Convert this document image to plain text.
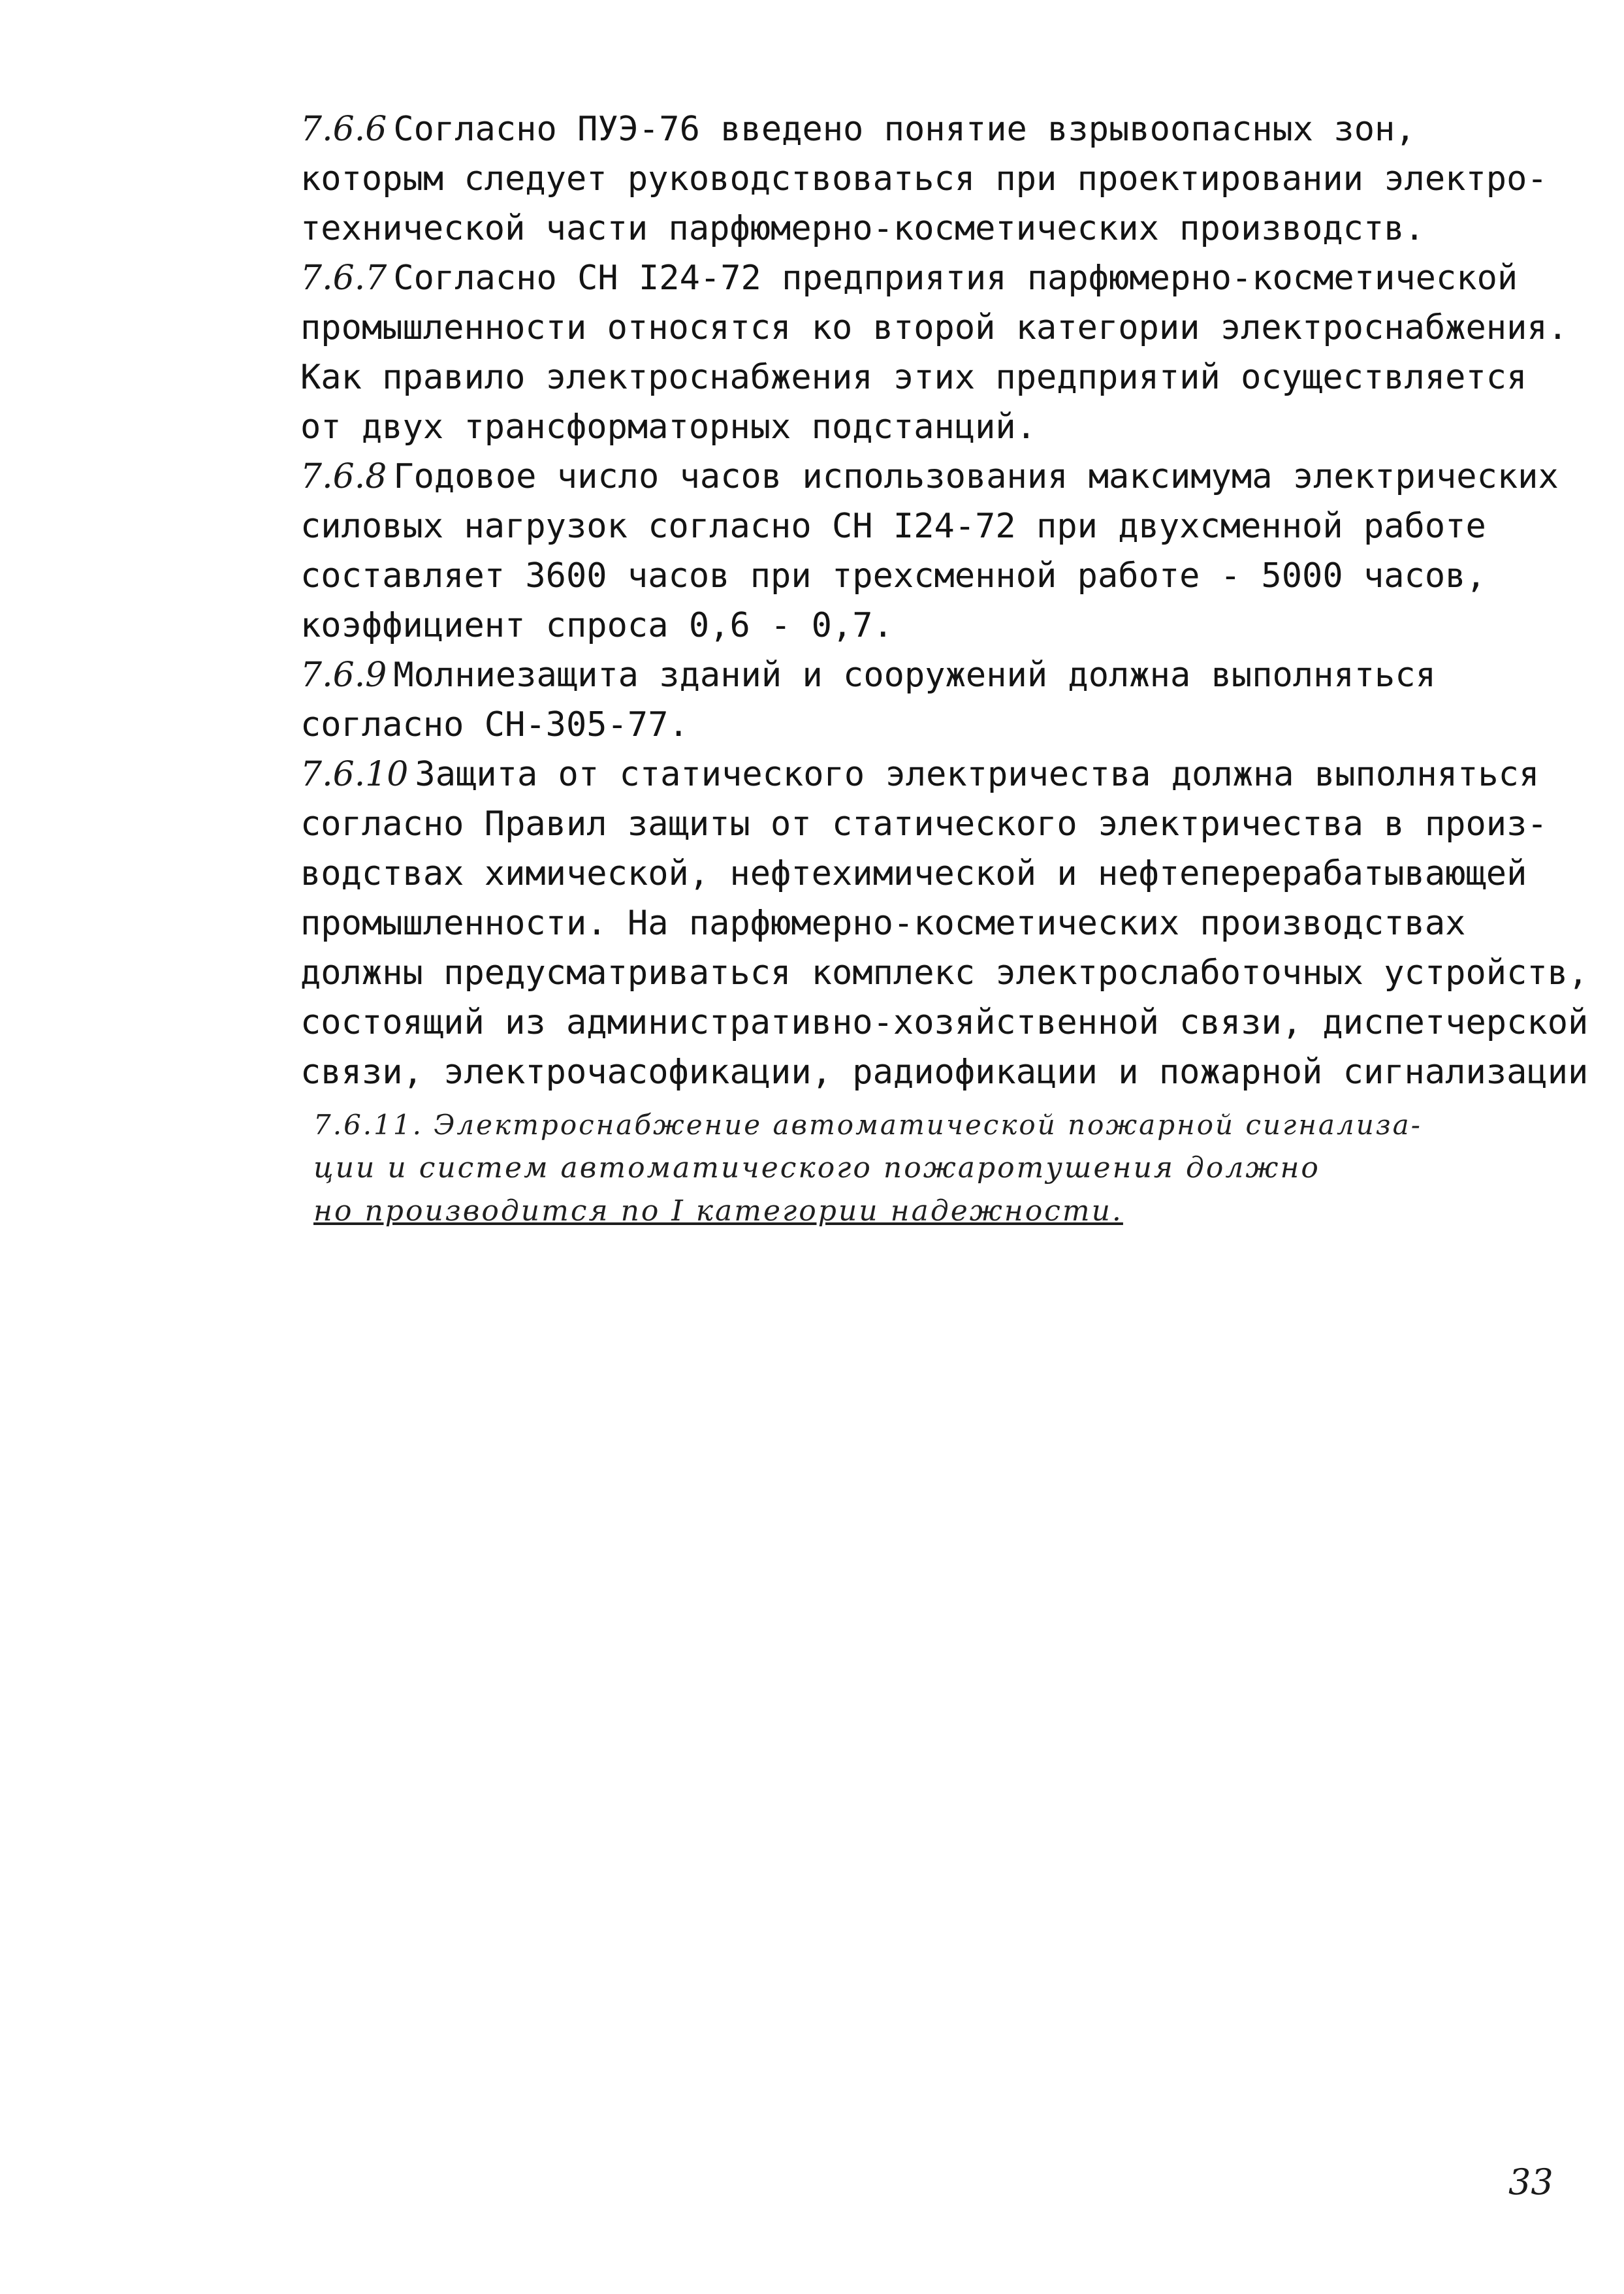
7.6.6 Согласно ПУЭ-76 введено понятие взрывоопасных зон,
которым следует руководствоваться при проектировании электро-
технической части парфюмерно-косметических производств.
7.6.7 Согласно СН I24-72 предприятия парфюмерно-косметической
промышленности относятся ко второй категории электроснабжения.
Как правило электроснабжения этих предприятий осуществляется
от двух трансформаторных подстанций.
7.6.8 Годовое число часов использования максимума электрических
силовых нагрузок согласно СН I24-72 при двухсменной работе
составляет 3600 часов при трехсменной работе - 5000 часов,
коэффициент спроса 0,6 - 0,7.
7.6.9 Молниезащита зданий и сооружений должна выполняться
согласно СН-305-77.
7.6.10 Защита от статического электричества должна выполняться
согласно Правил защиты от статического электричества в произ-
водствах химической, нефтехимической и нефтеперерабатывающей
промышленности. На парфюмерно-косметических производствах
должны предусматриваться комплекс электрослаботочных устройств,
состоящий из административно-хозяйственной связи, диспетчерской
связи, электрочасофикации, радиофикации и пожарной сигнализации
7.6.11. Электроснабжение автоматической пожарной сигнализа-
ции и систем автоматического пожаротушения должно
но производится по I категории надежности.
33
